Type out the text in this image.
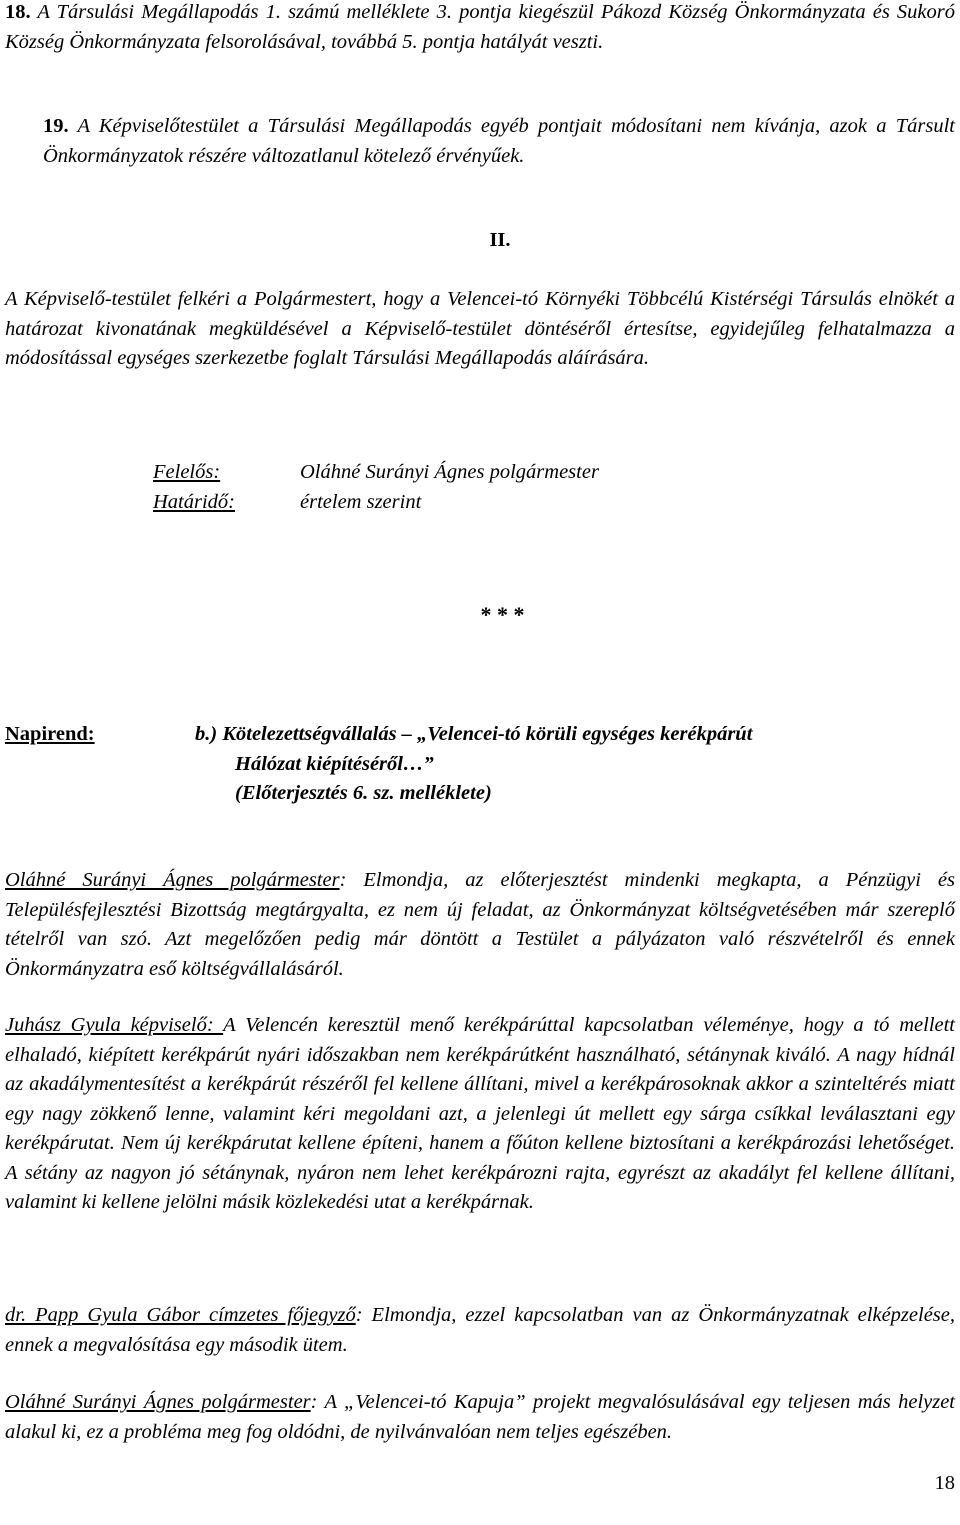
18. A Társulási Megállapodás 1. számú melléklete 3. pontja kiegészül Pákozd Község Önkormányzata és Sukoró Község Önkormányzata felsorolásával, továbbá 5. pontja hatályát veszti.

19. A Képviselőtestület a Társulási Megállapodás egyéb pontjait módosítani nem kívánja, azok a Társult Önkormányzatok részére változatlanul kötelező érvényűek.

II.

A Képviselő-testület felkéri a Polgármestert, hogy a Velencei-tó Környéki Többcélú Kistérségi Társulás elnökét a határozat kivonatának megküldésével a Képviselő-testület döntéséről értesítse, egyidejűleg felhatalmazza a módosítással egységes szerkezetbe foglalt Társulási Megállapodás aláírására.

Felelős:	Oláhné Surányi Ágnes polgármester
Határidő:	értelem szerint

* * *

Napirend:	b.) Kötelezettségvállalás – „Velencei-tó körüli egységes kerékpárút
Hálózat kiépítéséről…”
(Előterjesztés 6. sz. melléklete)

Oláhné Surányi Ágnes polgármester: Elmondja, az előterjesztést mindenki megkapta, a Pénzügyi és Településfejlesztési Bizottság megtárgyalta, ez nem új feladat, az Önkormányzat költségvetésében már szereplő tételről van szó. Azt megelőzően pedig már döntött a Testület a pályázaton való részvételről és ennek Önkormányzatra eső költségvállalásáról.

Juhász Gyula képviselő: A Velencén keresztül menő kerékpárúttal kapcsolatban véleménye, hogy a tó mellett elhaladó, kiépített kerékpárút nyári időszakban nem kerékpárútként használható, sétánynak kiváló. A nagy hídnál az akadálymentesítést a kerékpárút részéről fel kellene állítani, mivel a kerékpárosoknak akkor a szinteltérés miatt egy nagy zökkenő lenne, valamint kéri megoldani azt, a jelenlegi út mellett egy sárga csíkkal leválasztani egy kerékpárutat. Nem új kerékpárutat kellene építeni, hanem a főúton kellene biztosítani a kerékpározási lehetőséget. A sétány az nagyon jó sétánynak, nyáron nem lehet kerékpározni rajta, egyrészt az akadályt fel kellene állítani, valamint ki kellene jelölni másik közlekedési utat a kerékpárnak.

dr. Papp Gyula Gábor címzetes főjegyző: Elmondja, ezzel kapcsolatban van az Önkormányzatnak elképzelése, ennek a megvalósítása egy második ütem.

Oláhné Surányi Ágnes polgármester: A „Velencei-tó Kapuja” projekt megvalósulásával egy teljesen más helyzet alakul ki, ez a probléma meg fog oldódni, de nyilvánvalóan nem teljes egészében.

18
